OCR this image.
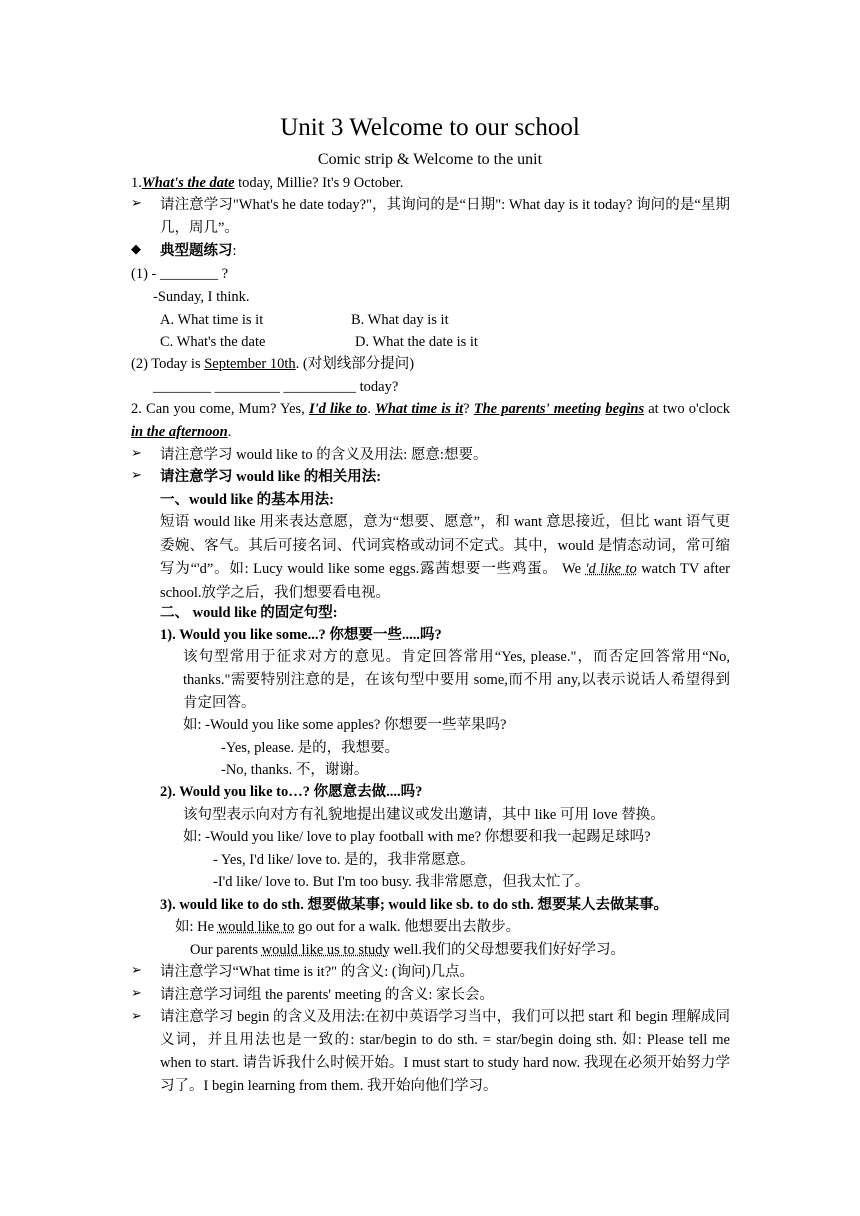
Unit 3 Welcome to our school
Comic strip & Welcome to the unit
1.What's the date today, Millie? It's 9 October.
➢ 请注意学习"What's he date today?"，其询问的是“日期": What day is it today? 询问的是“星期几，周几”。
◆ 典型题练习:
(1) - ________ ?
-Sunday, I think.
A. What time is it	B. What day is it
C. What's the date	D. What the date is it
(2) Today is September 10th. (对划线部分提问)
________ _________ __________ today?
2. Can you come, Mum? Yes, I'd like to. What time is it? The parents' meeting begins at two o'clock in the afternoon.
➢ 请注意学习 would like to 的含义及用法: 愿意:想要。
➢ 请注意学习 would like 的相关用法:
一、would like 的基本用法:
短语 would like 用来表达意愿，意为“想要、愿意”，和 want 意思接近，但比 want 语气更委婉、客气。其后可接名词、代词宾格或动词不定式。其中，would 是情态动词，常可缩写为“'d”。如: Lucy would like some eggs.露茜想要一些鸡蛋。 We 'd like to watch TV after school.放学之后，我们想要看电视。
二、 would like 的固定句型:
1). Would you like some...? 你想要一些.....吗?
该句型常用于征求对方的意见。肯定回答常用“Yes, please."，而否定回答常用“No, thanks."需要特别注意的是，在该句型中要用 some,而不用 any,以表示说话人希望得到肯定回答。
如: -Would you like some apples? 你想要一些苹果吗?
-Yes, please. 是的，我想要。
-No, thanks. 不，谢谢。
2). Would you like to…? 你愿意去做....吗?
该句型表示向对方有礼貌地提出建议或发出邀请，其中 like 可用 love 替换。
如: -Would you like/ love to play football with me? 你想要和我一起踢足球吗?
- Yes, I'd like/ love to. 是的，我非常愿意。
-I'd like/ love to. But I'm too busy. 我非常愿意，但我太忙了。
3). would like to do sth. 想要做某事; would like sb. to do sth. 想要某人去做某事。
如: He would like to go out for a walk. 他想要出去散步。
Our parents would like us to study well.我们的父母想要我们好好学习。
➢ 请注意学习“What time is it?" 的含义: (询问)几点。
➢ 请注意学习词组 the parents' meeting 的含义: 家长会。
➢ 请注意学习 begin 的含义及用法:在初中英语学习当中，我们可以把 start 和 begin 理解成同义词，并且用法也是一致的: star/begin to do sth. = star/begin doing sth. 如: Please tell me when to start. 请告诉我什么时候开始。I must start to study hard now. 我现在必须开始努力学习了。I begin learning from them. 我开始向他们学习。
